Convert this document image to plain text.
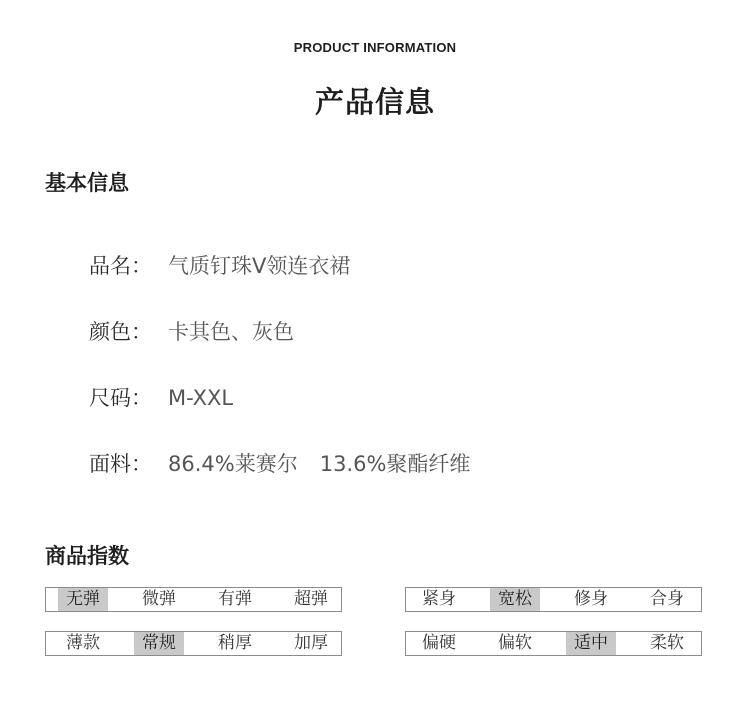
PRODUCT INFORMATION
产品信息
基本信息
品名： 气质钉珠V领连衣裙
颜色： 卡其色、灰色
尺码： M-XXL
面料： 86.4%莱赛尔 13.6%聚酯纤维
商品指数
无弹	微弹	有弹	超弹	紧身	宽松	修身	合身
薄款	常规	稍厚	加厚	偏硬	偏软	适中	柔软
